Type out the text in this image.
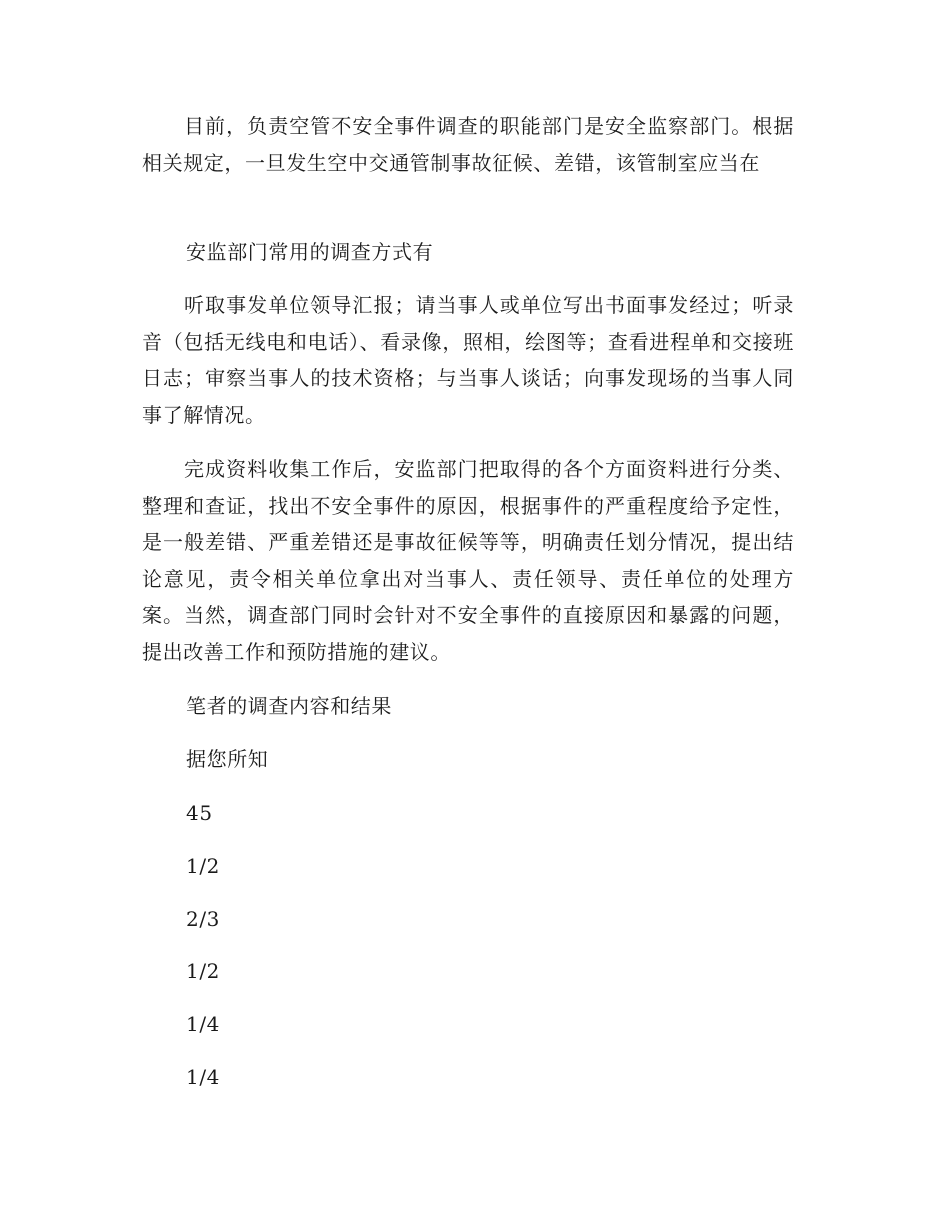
目前，负责空管不安全事件调查的职能部门是安全监察部门。根据相关规定，一旦发生空中交通管制事故征候、差错，该管制室应当在

安监部门常用的调查方式有

听取事发单位领导汇报；请当事人或单位写出书面事发经过；听录音（包括无线电和电话）、看录像，照相，绘图等；查看进程单和交接班日志；审察当事人的技术资格；与当事人谈话；向事发现场的当事人同事了解情况。

完成资料收集工作后，安监部门把取得的各个方面资料进行分类、整理和查证，找出不安全事件的原因，根据事件的严重程度给予定性，是一般差错、严重差错还是事故征候等等，明确责任划分情况，提出结论意见，责令相关单位拿出对当事人、责任领导、责任单位的处理方案。当然，调查部门同时会针对不安全事件的直接原因和暴露的问题，提出改善工作和预防措施的建议。

笔者的调查内容和结果

据您所知

45

1/2

2/3

1/2

1/4

1/4
